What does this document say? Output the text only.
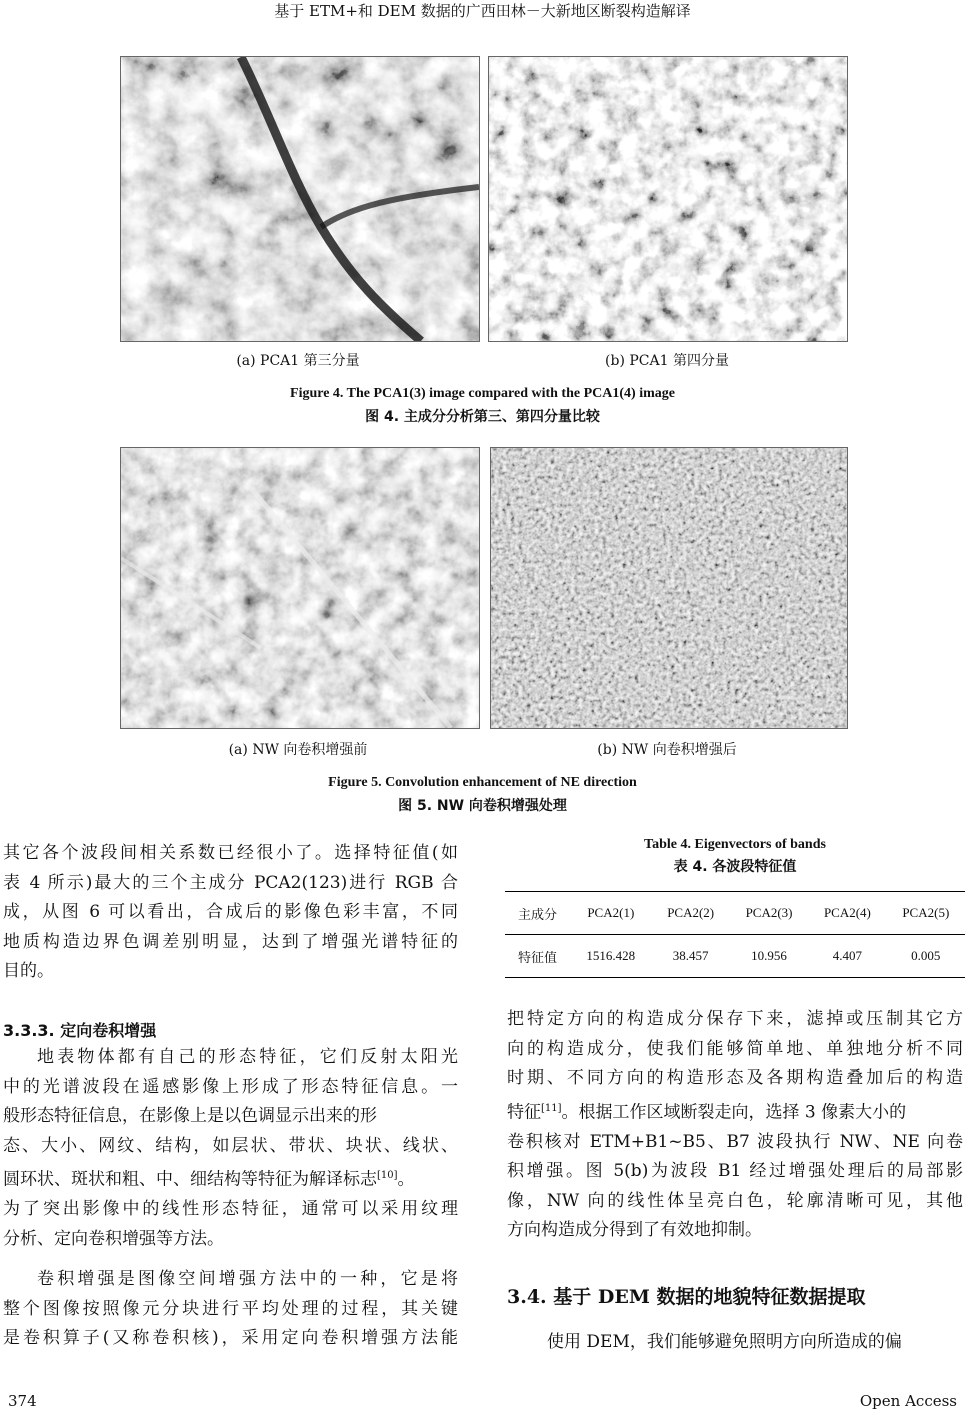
基于 ETM+和 DEM 数据的广西田林－大新地区断裂构造解译
(a) PCA1 第三分量	(b) PCA1 第四分量
Figure 4. The PCA1(3) image compared with the PCA1(4) image
图 4. 主成分分析第三、第四分量比较
(a) NW 向卷积增强前	(b) NW 向卷积增强后
Figure 5. Convolution enhancement of NE direction
图 5. NW 向卷积增强处理
其它各个波段间相关系数已经很小了。选择特征值(如
表 4 所示)最大的三个主成分 PCA2(123)进行 RGB 合
成，从图 6 可以看出，合成后的影像色彩丰富，不同
地质构造边界色调差别明显，达到了增强光谱特征的
目的。
3.3.3. 定向卷积增强
地表物体都有自己的形态特征，它们反射太阳光
中的光谱波段在遥感影像上形成了形态特征信息。一
般形态特征信息，在影像上是以色调显示出来的形
态、大小、网纹、结构，如层状、带状、块状、线状、
圆环状、斑状和粗、中、细结构等特征为解译标志[10]。
为了突出影像中的线性形态特征，通常可以采用纹理
分析、定向卷积增强等方法。
卷积增强是图像空间增强方法中的一种，它是将
整个图像按照像元分块进行平均处理的过程，其关键
是卷积算子(又称卷积核)，采用定向卷积增强方法能
Table 4. Eigenvectors of bands
表 4. 各波段特征值
主成分	PCA2(1)	PCA2(2)	PCA2(3)	PCA2(4)	PCA2(5)
特征值	1516.428	38.457	10.956	4.407	0.005
把特定方向的构造成分保存下来，滤掉或压制其它方
向的构造成分，使我们能够简单地、单独地分析不同
时期、不同方向的构造形态及各期构造叠加后的构造
特征[11]。根据工作区域断裂走向，选择 3 像素大小的
卷积核对 ETM+B1~B5、B7 波段执行 NW、NE 向卷
积增强。图 5(b)为波段 B1 经过增强处理后的局部影
像，NW 向的线性体呈亮白色，轮廓清晰可见，其他
方向构造成分得到了有效地抑制。
3.4. 基于 DEM 数据的地貌特征数据提取
使用 DEM，我们能够避免照明方向所造成的偏
374	Open Access
